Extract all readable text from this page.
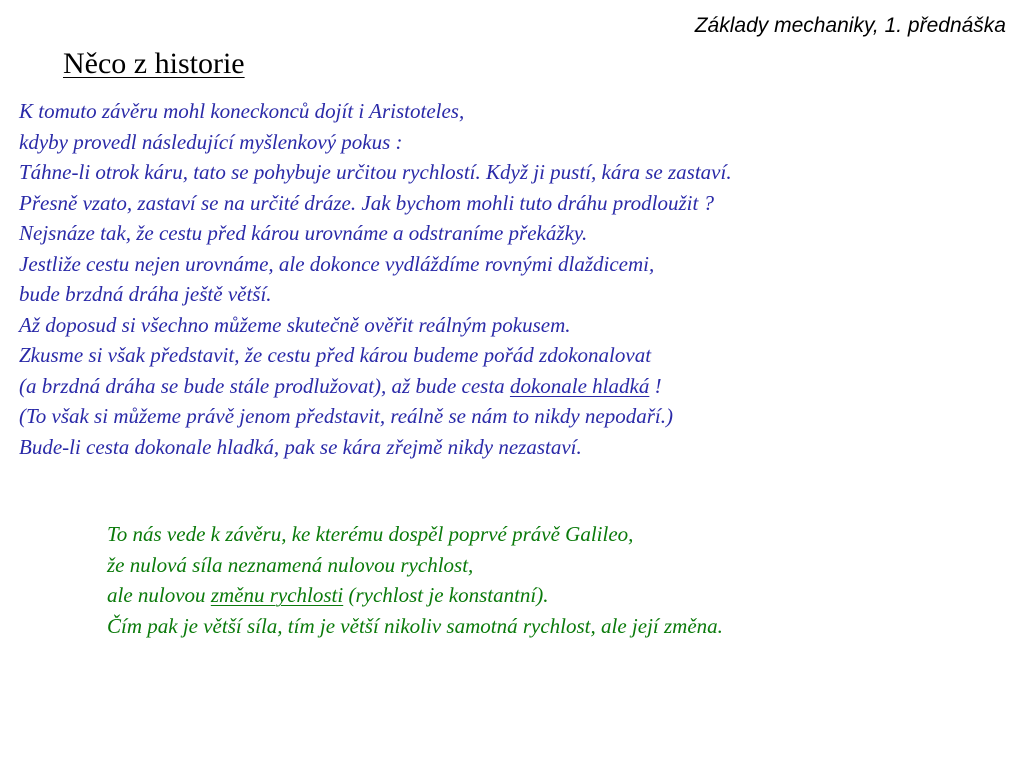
Základy mechaniky, 1. přednáška
Něco z historie
K tomuto závěru mohl koneckonců dojít i Aristoteles,
kdyby provedl následující myšlenkový pokus :
Táhne-li otrok káru, tato se pohybuje určitou rychlostí. Když ji pustí, kára se zastaví.
Přesně vzato, zastaví se na určité dráze. Jak bychom mohli tuto dráhu prodloužit ?
Nejsnáze tak, že cestu před károu urovnáme a odstraníme překážky.
Jestliže cestu nejen urovnáme, ale dokonce vydláždíme rovnými dlaždicemi,
bude brzdná dráha ještě větší.
Až doposud si všechno můžeme skutečně ověřit reálným pokusem.
Zkusme si však představit, že cestu před károu budeme pořád zdokonalovat
(a brzdná dráha se bude stále prodlužovat), až bude cesta dokonale hladká !
(To však si můžeme právě jenom představit, reálně se nám to nikdy nepodaří.)
Bude-li cesta dokonale hladká, pak se kára zřejmě nikdy nezastaví.
To nás vede k závěru, ke kterému dospěl poprvé právě Galileo,
že nulová síla neznamená nulovou rychlost,
ale nulovou změnu rychlosti (rychlost je konstantní).
Čím pak je větší síla, tím je větší nikoliv samotná rychlost, ale její změna.
